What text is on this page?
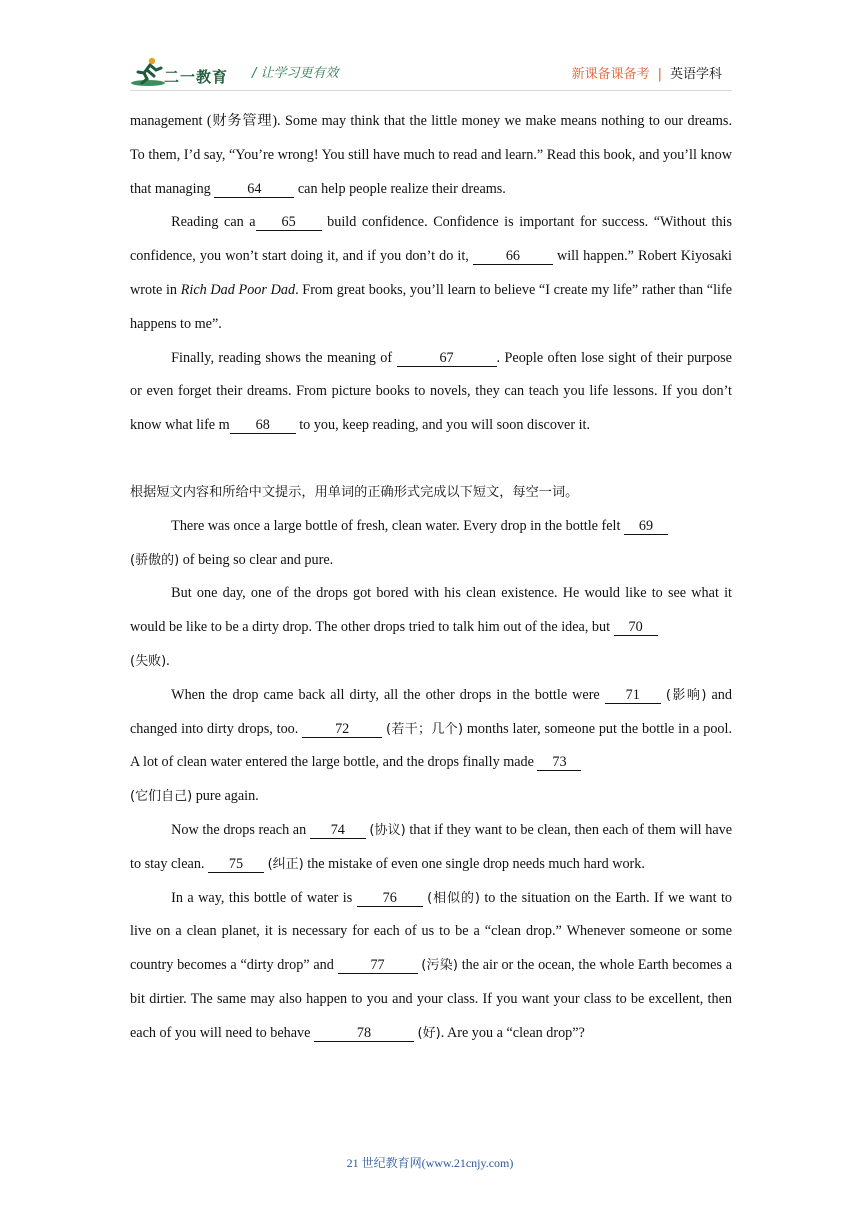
二一教育 / 让学习更有效	新课备课备考 | 英语学科

management (财务管理). Some may think that the little money we make means nothing to our dreams. To them, I’d say, “You’re wrong! You still have much to read and learn.” Read this book, and you’ll know that managing 64 can help people realize their dreams.

Reading can a 65 build confidence. Confidence is important for success. “Without this confidence, you won’t start doing it, and if you don’t do it, 66 will happen.” Robert Kiyosaki wrote in Rich Dad Poor Dad. From great books, you’ll learn to believe “I create my life” rather than “life happens to me”.

Finally, reading shows the meaning of	67	. People often lose sight of their purpose or even forget their dreams. From picture books to novels, they can teach you life lessons. If you don’t know what life m 68 to you, keep reading, and you will soon discover it.

根据短文内容和所给中文提示，用单词的正确形式完成以下短文，每空一词。

There was once a large bottle of fresh, clean water. Every drop in the bottle felt 69
(骄傲的) of being so clear and pure.

But one day, one of the drops got bored with his clean existence. He would like to see what it would be like to be a dirty drop. The other drops tried to talk him out of the idea, but 70
(失败).

When the drop came back all dirty, all the other drops in the bottle were 71 (影响) and changed into dirty drops, too. 72	(若干；几个) months later, someone put the bottle in a pool. A lot of clean water entered the large bottle, and the drops finally made 73
(它们自己) pure again.

Now the drops reach an 74 (协议) that if they want to be clean, then each of them will have to stay clean. 75 (纠正) the mistake of even one single drop needs much hard work.

In a way, this bottle of water is 76 (相似的) to the situation on the Earth. If we want to live on a clean planet, it is necessary for each of us to be a “clean drop.” Whenever someone or some country becomes a “dirty drop” and 77	(污染) the air or the ocean, the whole Earth becomes a bit dirtier. The same may also happen to you and your class. If you want your class to be excellent, then each of you will need to behave	78	(好). Are you a “clean drop”?

21 世纪教育网(www.21cnjy.com)
